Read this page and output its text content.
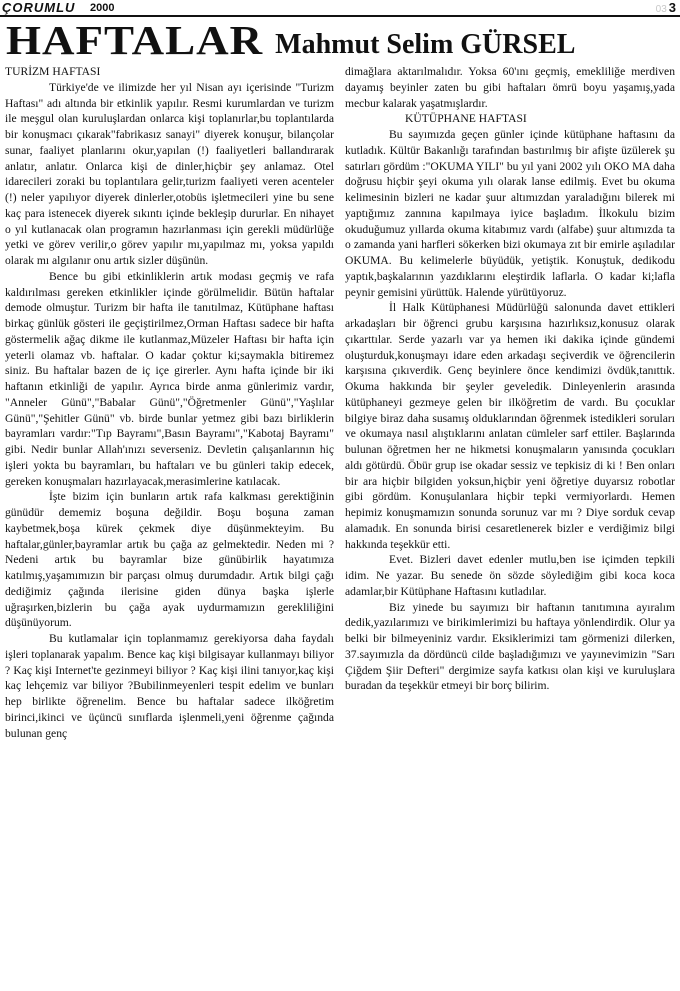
ÇORUMLU 2000	03 3
HAFTALAR Mahmut Selim GÜRSEL

TURİZM HAFTASI

Türkiye'de ve ilimizde her yıl Nisan ayı içerisinde "Turizm Haftası" adı altında bir etkinlik yapılır. Resmi kurumlardan ve turizm ile meşgul olan kuruluşlardan onlarca kişi toplanırlar,bu toplantılarda bir konuşmacı çıkarak"fabrikasız sanayi" diyerek konuşur, bilançolar sunar, faaliyet planlarını okur,yapılan (!) faaliyetleri ballandırarak anlatır, anlatır. Onlarca kişi de dinler,hiçbir şey anlamaz. Otel idarecileri zoraki bu toplantılara gelir,turizm faaliyeti veren acenteler (!) neler yapılıyor diyerek dinlerler,otobüs işletmecileri yine bu sene kaç para istenecek diyerek sıkıntı içinde bekleşip dururlar. En nihayet o yıl kutlanacak olan programın hazırlanması için gerekli müdürlüğe yetki ve görev verilir,o görev yapılır mı,yapılmaz mı, yoksa yapıldı olarak mı algılanır onu artık sizler düşünün.

Bence bu gibi etkinliklerin artık modası geçmiş ve rafa kaldırılması gereken etkinlikler içinde görülmelidir. Bütün haftalar demode olmuştur. Turizm bir hafta ile tanıtılmaz, Kütüphane haftası birkaç günlük gösteri ile geçiştirilmez,Orman Haftası sadece bir hafta göstermelik ağaç dikme ile kutlanmaz,Müzeler Haftası bir hafta için yeterli olamaz vb. haftalar. O kadar çoktur ki;saymakla bitiremez siniz. Bu haftalar bazen de iç içe girerler. Aynı hafta içinde bir iki haftanın etkinliği de yapılır. Ayrıca birde anma günlerimiz vardır, "Anneler Günü","Babalar Günü","Öğretmenler Günü","Yaşlılar Günü","Şehitler Günü" vb. birde bunlar yetmez gibi bazı birliklerin bayramları vardır:"Tıp Bayramı",Basın Bayramı","Kabotaj Bayramı" gibi. Nedir bunlar Allah'ınızı severseniz. Devletin çalışanlarının hiç işleri yokta bu bayramları, bu haftaları ve bu günleri takip edecek, gereken konuşmaları hazırlayacak,merasimlerine katılacak.

İşte bizim için bunların artık rafa kalkması gerektiğinin günüdür dememiz boşuna değildir. Boşu boşuna zaman kaybetmek,boşa kürek çekmek diye düşünmekteyim. Bu haftalar,günler,bayramlar artık bu çağa az gelmektedir. Neden mi ? Nedeni artık bu bayramlar bize günübirlik hayatımıza katılmış,yaşamımızın bir parçası olmuş durumdadır. Artık bilgi çağı dediğimiz çağında ilerisine giden dünya başka işlerle uğraşırken,bizlerin bu çağa ayak uydurmamızın gerekliliğini düşünüyorum.

Bu kutlamalar için toplanmamız gerekiyorsa daha faydalı işleri toplanarak yapalım. Bence kaç kişi bilgisayar kullanmayı biliyor ? Kaç kişi Internet'te gezinmeyi biliyor ? Kaç kişi ilini tanıyor,kaç kişi kaç lehçemiz var biliyor ?Bubilinmeyenleri tespit edelim ve bunları hep birlikte öğrenelim. Bence bu haftalar sadece ilköğretim birinci,ikinci ve üçüncü sınıflarda işlenmeli,yeni öğrenme çağında bulunan genç

dimağlara aktarılmalıdır. Yoksa 60'ını geçmiş, emekliliğe merdiven dayamış beyinler zaten bu gibi haftaları ömrü boyu yaşamış,yada mecbur kalarak yaşatmışlardır.

KÜTÜPHANE HAFTASI

Bu sayımızda geçen günler içinde kütüphane haftasını da kutladık. Kültür Bakanlığı tarafından bastırılmış bir afişte üzülerek şu satırları gördüm :"OKUMA YILI" bu yıl yani 2002 yılı OKO MA daha doğrusu hiçbir şeyi okuma yılı olarak lanse edilmiş. Evet bu okuma kelimesinin bizleri ne kadar şuur altımızdan yaraladığını bilerek mi yaptığımız zannına kapılmaya iyice başladım. İlkokulu bizim okuduğumuz yıllarda okuma kitabımız vardı (alfabe) şuur altımızda ta o zamanda yani harfleri sökerken bizi okumaya zıt bir emirle aşıladılar OKUMA. Bu kelimelerle büyüdük, yetiştik. Konuştuk, dedikodu yaptık,başkalarının yazdıklarını eleştirdik laflarla. O kadar ki;lafla peynir gemisini yürüttük. Halende yürütüyoruz.

İl Halk Kütüphanesi Müdürlüğü salonunda davet ettikleri arkadaşları bir öğrenci grubu karşısına hazırlıksız,konusuz olarak çıkarttılar. Serde yazarlı var ya hemen iki dakika içinde gündemi oluşturduk,konuşmayı idare eden arkadaşı seçiverdik ve öğrencilerin karşısına çıkıverdik. Genç beyinlere önce kendimizi övdük,tanıttık. Okuma hakkında bir şeyler geveledik. Dinleyenlerin arasında kütüphaneyi gezmeye gelen bir ilköğretim de vardı. Bu çocuklar bilgiye biraz daha susamış olduklarından öğrenmek istedikleri soruları ve okumaya nasıl alıştıklarını anlatan cümleler sarf ettiler. Başlarında bulunan öğretmen her ne hikmetsi konuşmaların yanısında çocukları aldı götürdü. Öbür grup ise okadar sessiz ve tepkisiz di ki ! Ben onları bir ara hiçbir bilgiden yoksun,hiçbir yeni öğretiye duyarsız robotlar gibi gördüm. Konuşulanlara hiçbir tepki vermiyorlardı. Hemen hepimiz konuşmamızın sonunda sorunuz var mı ? Diye sorduk cevap alamadık. En sonunda birisi cesaretlenerek bizler e verdiğimiz bilgi hakkında teşekkür etti.

Evet. Bizleri davet edenler mutlu,ben ise içimden tepkili idim. Ne yazar. Bu senede ön sözde söylediğim gibi koca koca adamlar,bir Kütüphane Haftasını kutladılar.

Biz yinede bu sayımızı bir haftanın tanıtımına ayıralım dedik,yazılarımızı ve birikimlerimizi bu haftaya yönlendirdik. Olur ya belki bir bilmeyeniniz vardır. Eksiklerimizi tam görmenizi dilerken, 37.sayımızla da dördüncü cilde başladığımızı ve yayınevimizin "Sarı Çiğdem Şiir Defteri" dergimize sayfa katkısı olan kişi ve kuruluşlara buradan da teşekkür etmeyi bir borç bilirim.
